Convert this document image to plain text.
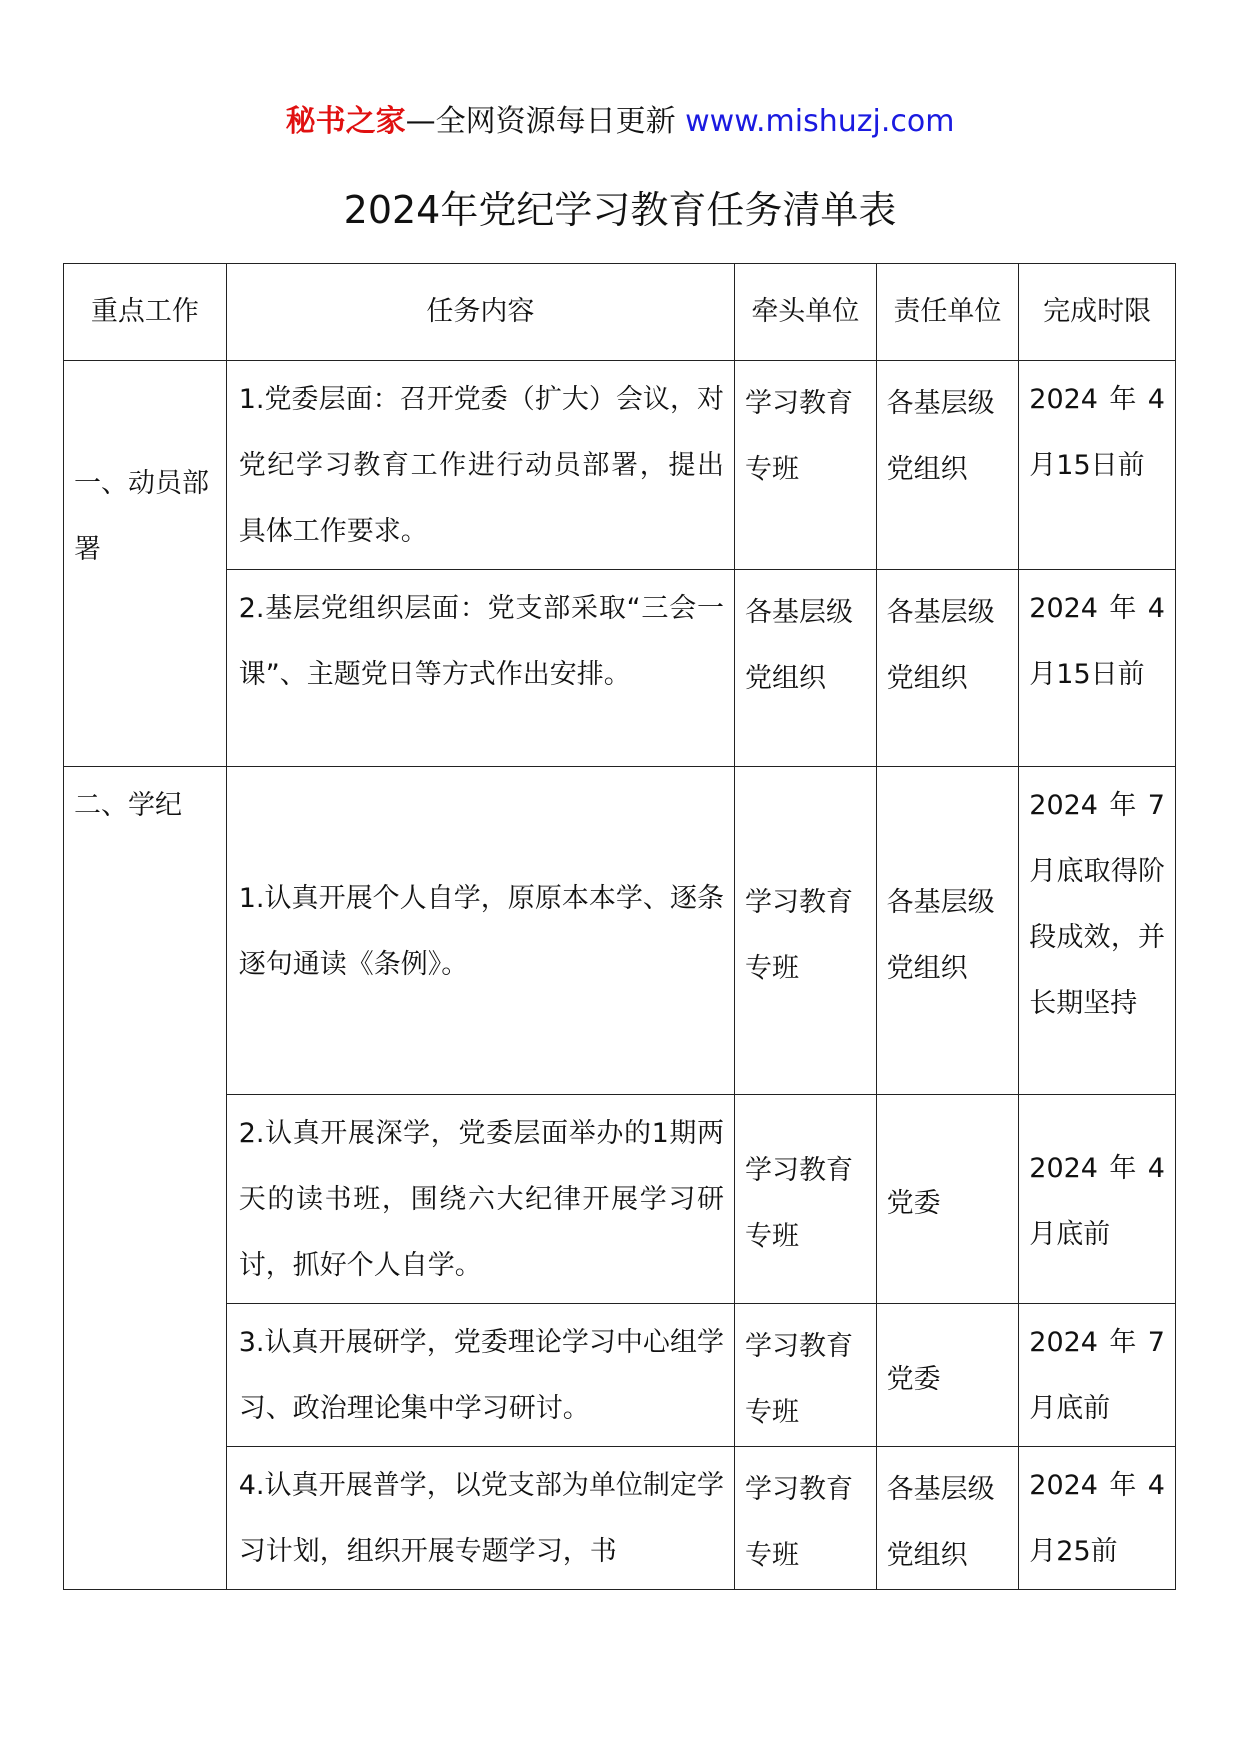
秘书之家—全网资源每日更新 www.mishuzj.com
2024年党纪学习教育任务清单表
重点工作	任务内容	牵头单位	责任单位	完成时限
一、动员部署	1.党委层面：召开党委（扩大）会议，对党纪学习教育工作进行动员部署，提出具体工作要求。	学习教育专班	各基层级党组织	2024年4月15日前
	2.基层党组织层面：党支部采取“三会一课”、主题党日等方式作出安排。	各基层级党组织	各基层级党组织	2024年4月15日前
二、学纪	1.认真开展个人自学，原原本本学、逐条逐句通读《条例》。	学习教育专班	各基层级党组织	2024年7月底取得阶段成效，并长期坚持
	2.认真开展深学，党委层面举办的1期两天的读书班，围绕六大纪律开展学习研讨，抓好个人自学。	学习教育专班	党委	2024年4月底前
	3.认真开展研学，党委理论学习中心组学习、政治理论集中学习研讨。	学习教育专班	党委	2024年7月底前
	4.认真开展普学，以党支部为单位制定学习计划，组织开展专题学习，书	学习教育专班	各基层级党组织	2024年4月25前
